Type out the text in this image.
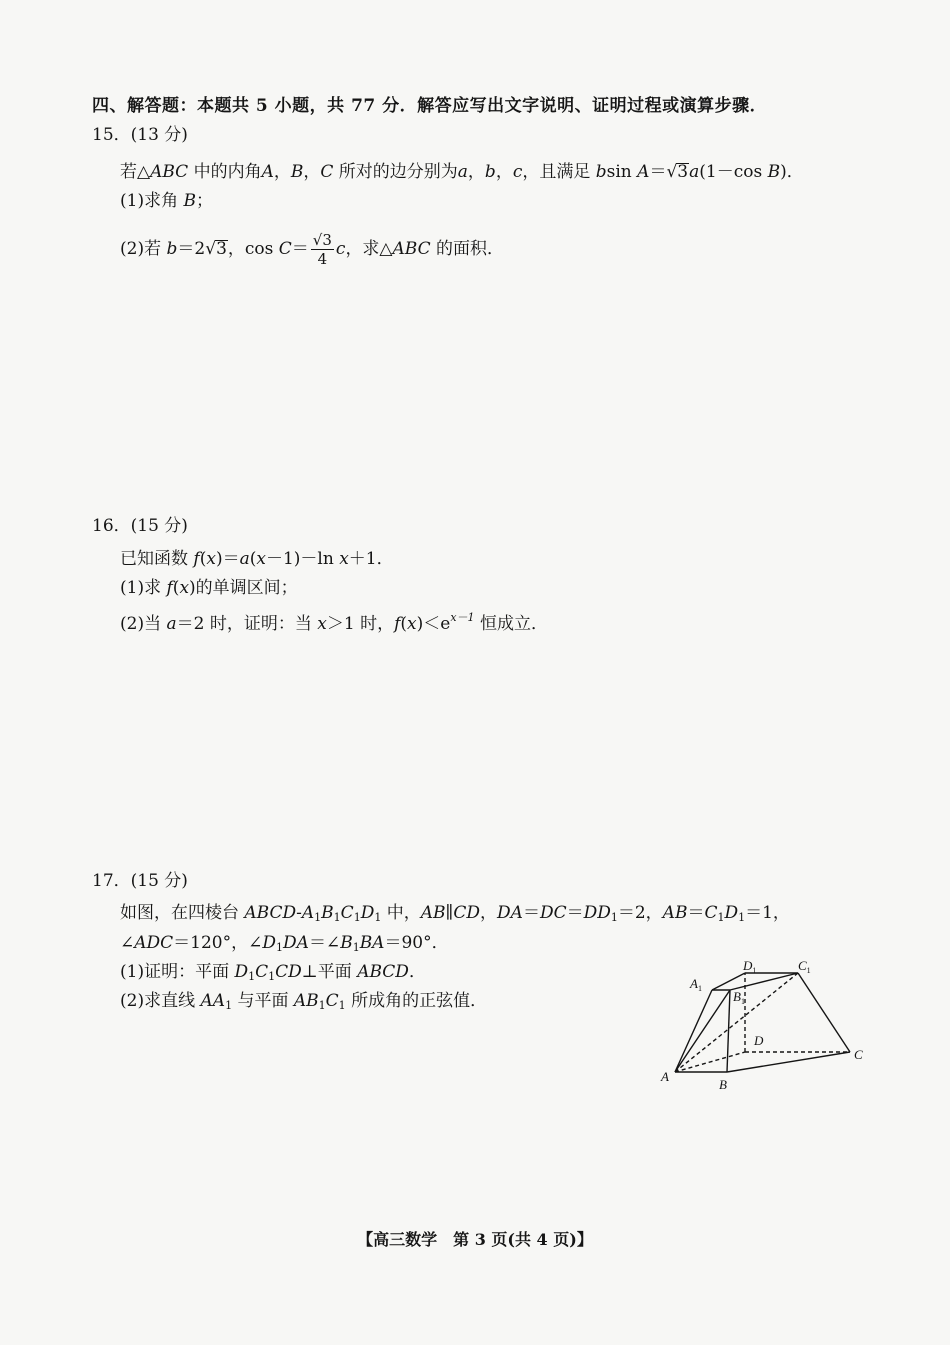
四、解答题：本题共 5 小题，共 77 分．解答应写出文字说明、证明过程或演算步骤．
15．(13 分)
若△ABC 中的内角A，B，C 所对的边分别为a，b，c，且满足 bsin A＝√3a(1－cos B)．
(1)求角 B；
(2)若 b＝2√3，$\cos C= \frac{√3}{4}$ c，求△ABC 的面积．
16．(15 分)
已知函数 f(x)＝a(x－1)－ln x＋1．
(1)求 f(x)的单调区间；
(2)当 a＝2 时，证明：当 x＞1 时，$f(x)<e^{x-1}$ 恒成立．
17．(15 分)
如图，在四棱台 ABCD-$A_1B_1C_1D_1$ 中，AB∥CD，$DA=DC=DD_1=2$，$AB=C_1D_1=1$，
∠ADC＝120°，$\angle D_1DA=\angle B_1BA=90^\circ$．
(1)证明：平面 $D_1C_1CD\perp$平面 ABCD．
(2)求直线 $AA_1$ 与平面 $AB_1C_1$ 所成角的正弦值．
$A_1$
$B_1$
$D_1$	$C_1$
D
C
A
B
【高三数学　第 3 页(共 4 页)】
